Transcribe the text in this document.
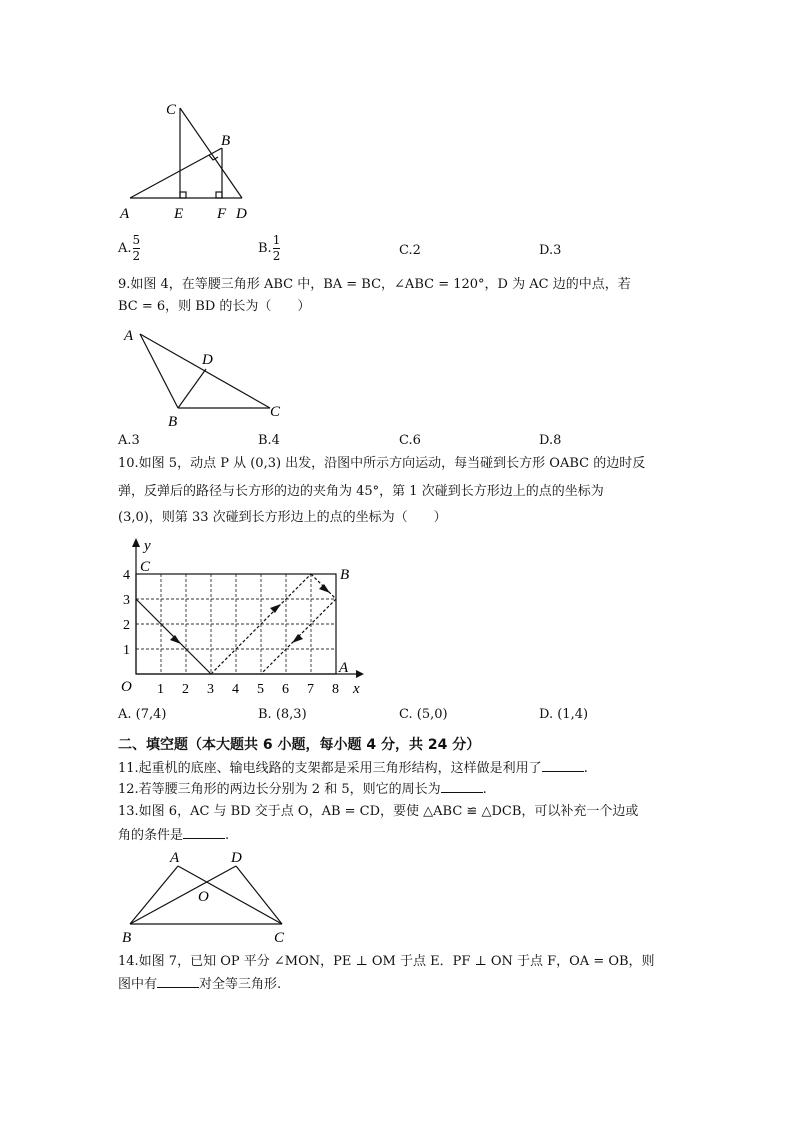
C
B
A	E F D
A. $\frac{5}{2}$	B. $\frac{1}{2}$	C.2	D.3
9.如图 4，在等腰三角形 ABC 中，BA = BC，∠ABC = 120°，D 为 AC 边的中点，若
BC = 6，则 BD 的长为（　　）
A
D
B
C
A.3	B.4	C.6	D.8
10.如图 5，动点 P 从 (0,3) 出发，沿图中所示方向运动，每当碰到长方形 OABC 的边时反
弹，反弹后的路径与长方形的边的夹角为 45°，第 1 次碰到长方形边上的点的坐标为
(3,0)，则第 33 次碰到长方形边上的点的坐标为（　　）
1 2 3 4 5 6 7 8
1
2
3
4
x
y
O
C	B
A
A. (7,4)	B. (8,3)	C. (5,0)	D. (1,4)
二、填空题（本大题共 6 小题，每小题 4 分，共 24 分）
11.起重机的底座、输电线路的支架都是采用三角形结构，这样做是利用了	.
12.若等腰三角形的两边长分别为 2 和 5，则它的周长为	.
13.如图 6，AC 与 BD 交于点 O，AB = CD，要使 △ABC ≌ △DCB，可以补充一个边或
角的条件是	.
A	D
O
B	C
14.如图 7，已知 OP 平分 ∠MON，PE ⊥ OM 于点 E．PF ⊥ ON 于点 F，OA = OB，则
图中有	对全等三角形.
